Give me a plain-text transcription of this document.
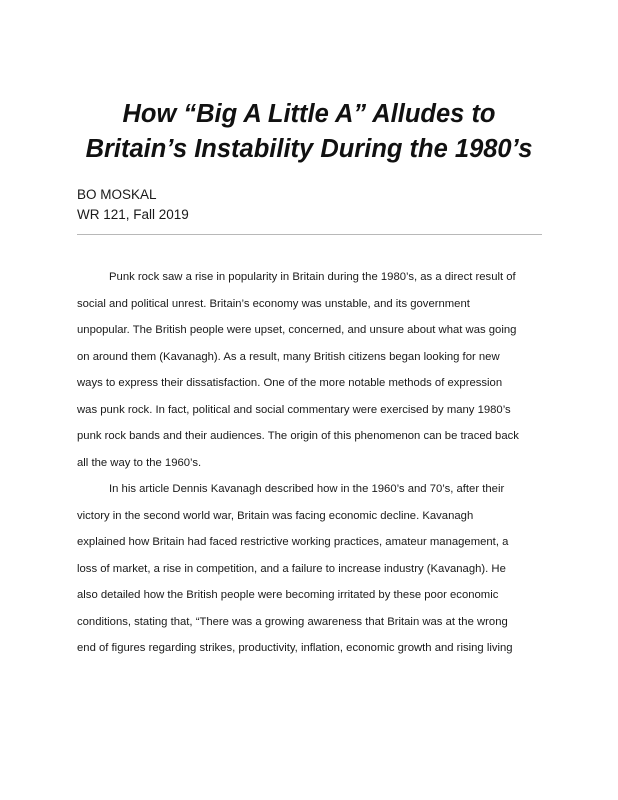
How “Big A Little A” Alludes to
Britain’s Instability During the 1980’s
BO MOSKAL
WR 121, Fall 2019
Punk rock saw a rise in popularity in Britain during the 1980’s, as a direct result of
social and political unrest. Britain’s economy was unstable, and its government
unpopular. The British people were upset, concerned, and unsure about what was going
on around them (Kavanagh). As a result, many British citizens began looking for new
ways to express their dissatisfaction. One of the more notable methods of expression
was punk rock. In fact, political and social commentary were exercised by many 1980’s
punk rock bands and their audiences. The origin of this phenomenon can be traced back
all the way to the 1960’s.
In his article Dennis Kavanagh described how in the 1960’s and 70’s, after their
victory in the second world war, Britain was facing economic decline. Kavanagh
explained how Britain had faced restrictive working practices, amateur management, a
loss of market, a rise in competition, and a failure to increase industry (Kavanagh). He
also detailed how the British people were becoming irritated by these poor economic
conditions, stating that, “There was a growing awareness that Britain was at the wrong
end of figures regarding strikes, productivity, inflation, economic growth and rising living
